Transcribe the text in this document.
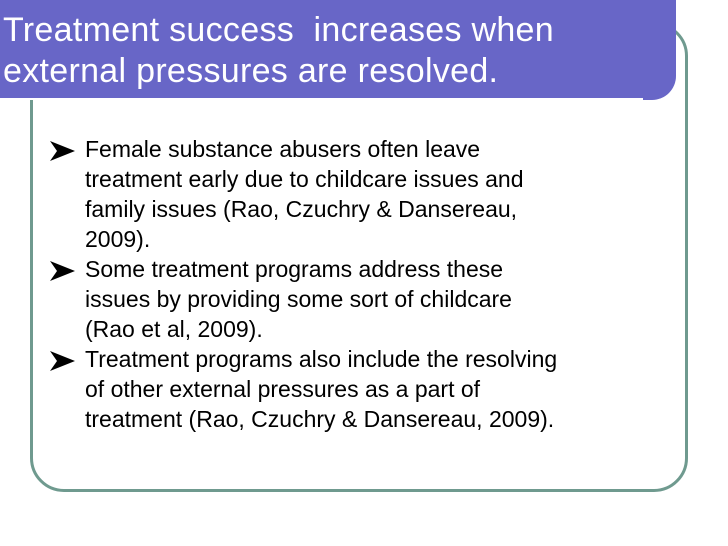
Treatment success  increases when
external pressures are resolved.
Female substance abusers often leave
treatment early due to childcare issues and
family issues (Rao, Czuchry & Dansereau,
2009).
Some treatment programs address these
issues by providing some sort of childcare
(Rao et al, 2009).
Treatment programs also include the resolving
of other external pressures as a part of
treatment (Rao, Czuchry & Dansereau, 2009).
